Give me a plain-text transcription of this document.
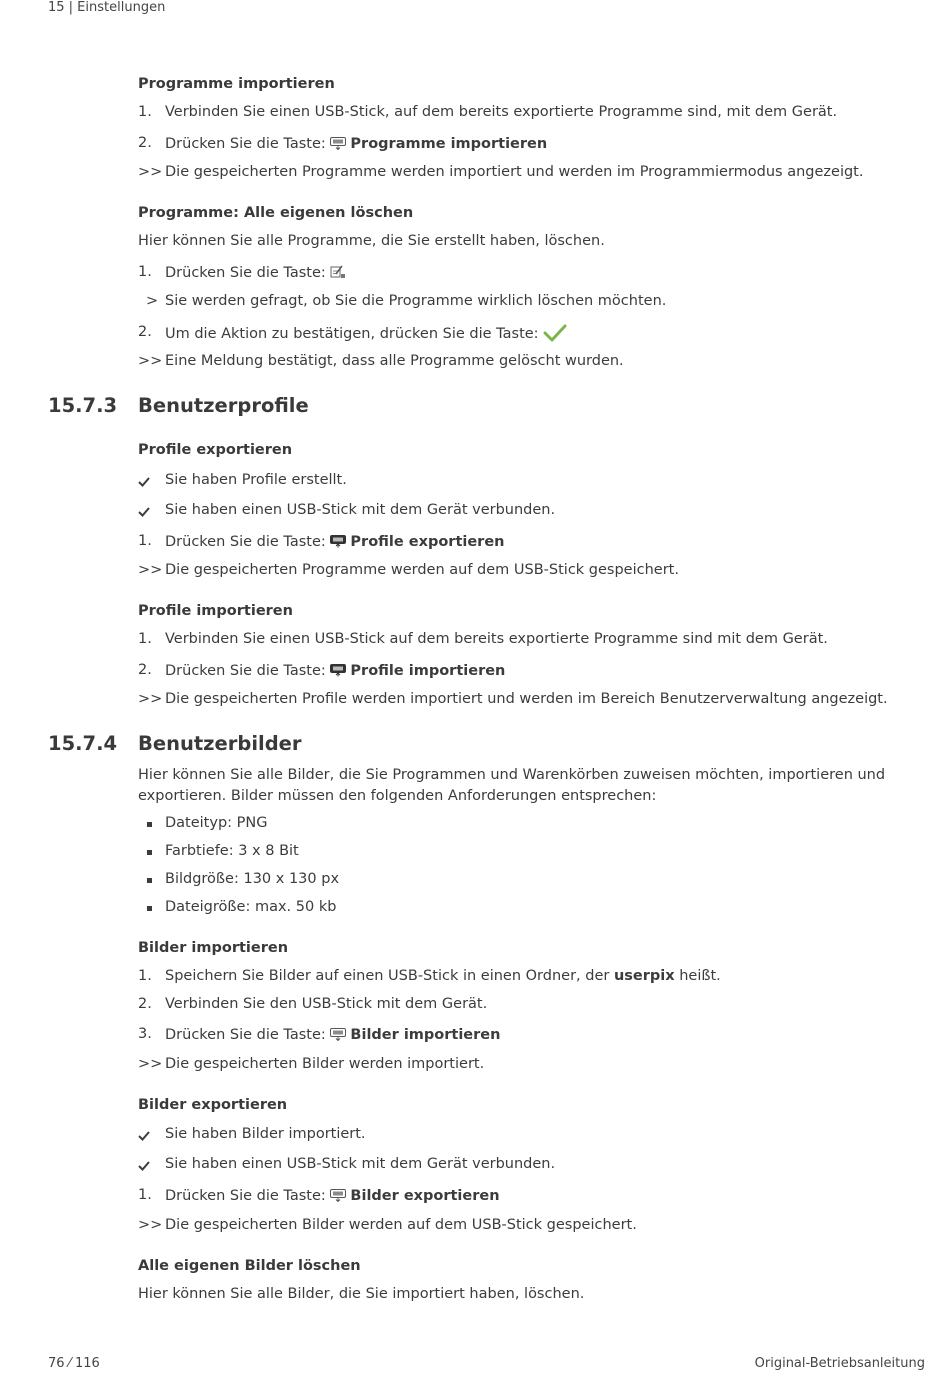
15 | Einstellungen
Programme importieren
1. Verbinden Sie einen USB-Stick, auf dem bereits exportierte Programme sind, mit dem Gerät.
2. Drücken Sie die Taste: Programme importieren
>> Die gespeicherten Programme werden importiert und werden im Programmiermodus angezeigt.
Programme: Alle eigenen löschen
Hier können Sie alle Programme, die Sie erstellt haben, löschen.
1. Drücken Sie die Taste:
> Sie werden gefragt, ob Sie die Programme wirklich löschen möchten.
2. Um die Aktion zu bestätigen, drücken Sie die Taste:
>> Eine Meldung bestätigt, dass alle Programme gelöscht wurden.
15.7.3 Benutzerprofile
Profile exportieren
Sie haben Profile erstellt.
Sie haben einen USB-Stick mit dem Gerät verbunden.
1. Drücken Sie die Taste: Profile exportieren
>> Die gespeicherten Programme werden auf dem USB-Stick gespeichert.
Profile importieren
1. Verbinden Sie einen USB-Stick auf dem bereits exportierte Programme sind mit dem Gerät.
2. Drücken Sie die Taste: Profile importieren
>> Die gespeicherten Profile werden importiert und werden im Bereich Benutzerverwaltung angezeigt.
15.7.4 Benutzerbilder
Hier können Sie alle Bilder, die Sie Programmen und Warenkörben zuweisen möchten, importieren und
exportieren. Bilder müssen den folgenden Anforderungen entsprechen:
Dateityp: PNG
Farbtiefe: 3 x 8 Bit
Bildgröße: 130 x 130 px
Dateigröße: max. 50 kb
Bilder importieren
1. Speichern Sie Bilder auf einen USB-Stick in einen Ordner, der userpix heißt.
2. Verbinden Sie den USB-Stick mit dem Gerät.
3. Drücken Sie die Taste: Bilder importieren
>> Die gespeicherten Bilder werden importiert.
Bilder exportieren
Sie haben Bilder importiert.
Sie haben einen USB-Stick mit dem Gerät verbunden.
1. Drücken Sie die Taste: Bilder exportieren
>> Die gespeicherten Bilder werden auf dem USB-Stick gespeichert.
Alle eigenen Bilder löschen
Hier können Sie alle Bilder, die Sie importiert haben, löschen.
76 ⁄ 116	Original-Betriebsanleitung
